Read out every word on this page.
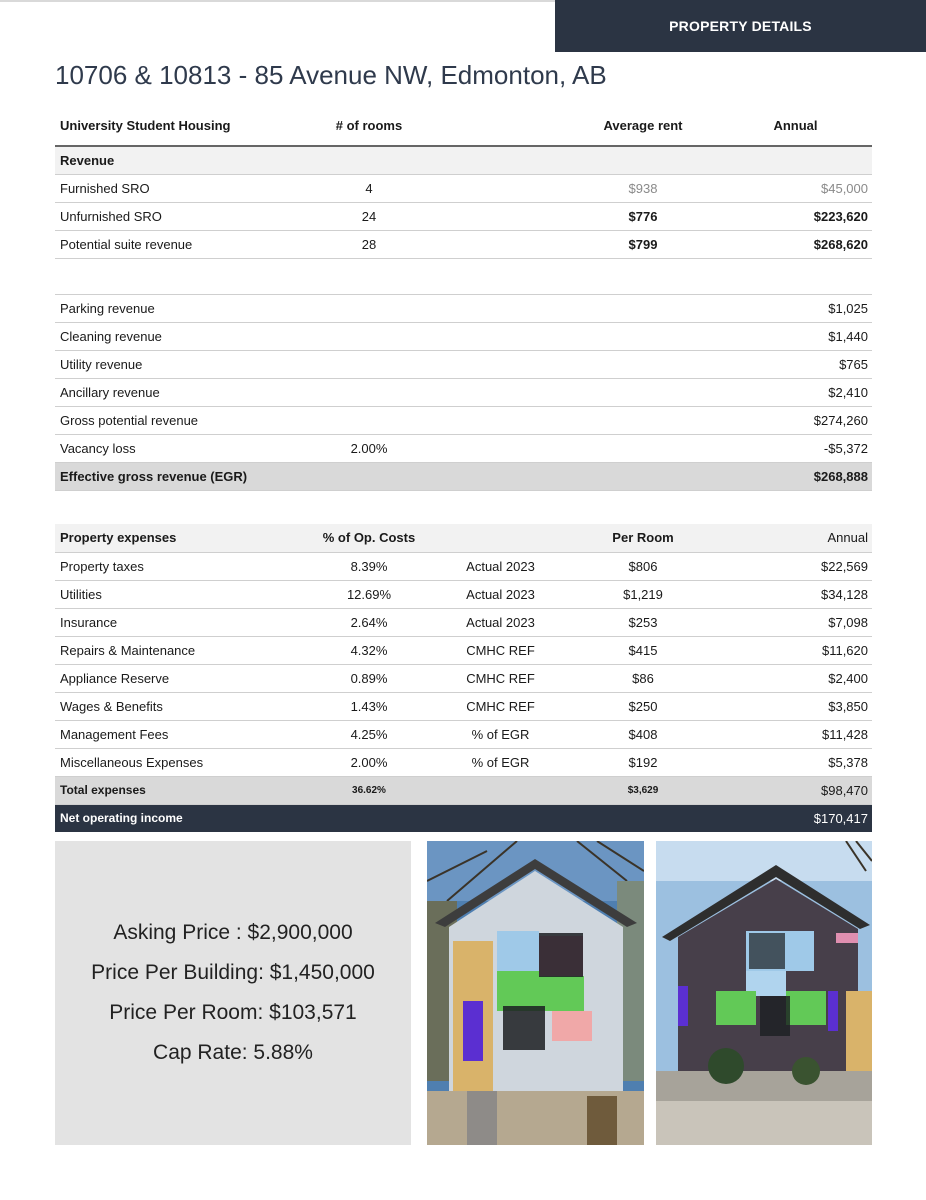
PROPERTY DETAILS
10706 & 10813 - 85 Avenue NW, Edmonton, AB
University Student Housing	# of rooms		Average rent	Annual
Revenue				
Furnished SRO	4		$938	$45,000
Unfurnished SRO	24		$776	$223,620
Potential suite revenue	28		$799	$268,620
Parking revenue				$1,025
Cleaning revenue				$1,440
Utility revenue				$765
Ancillary revenue				$2,410
Gross potential revenue				$274,260
Vacancy loss	2.00%			-$5,372
Effective gross revenue (EGR)				$268,888
Property expenses	% of Op. Costs		Per Room	Annual
Property taxes	8.39%	Actual 2023	$806	$22,569
Utilities	12.69%	Actual 2023	$1,219	$34,128
Insurance	2.64%	Actual 2023	$253	$7,098
Repairs & Maintenance	4.32%	CMHC REF	$415	$11,620
Appliance Reserve	0.89%	CMHC REF	$86	$2,400
Wages & Benefits	1.43%	CMHC REF	$250	$3,850
Management Fees	4.25%	% of EGR	$408	$11,428
Miscellaneous Expenses	2.00%	% of EGR	$192	$5,378
Total expenses	36.62%		$3,629	$98,470
Net operating income				$170,417
Asking Price : $2,900,000
Price Per Building: $1,450,000
Price Per Room: $103,571
Cap Rate: 5.88%
